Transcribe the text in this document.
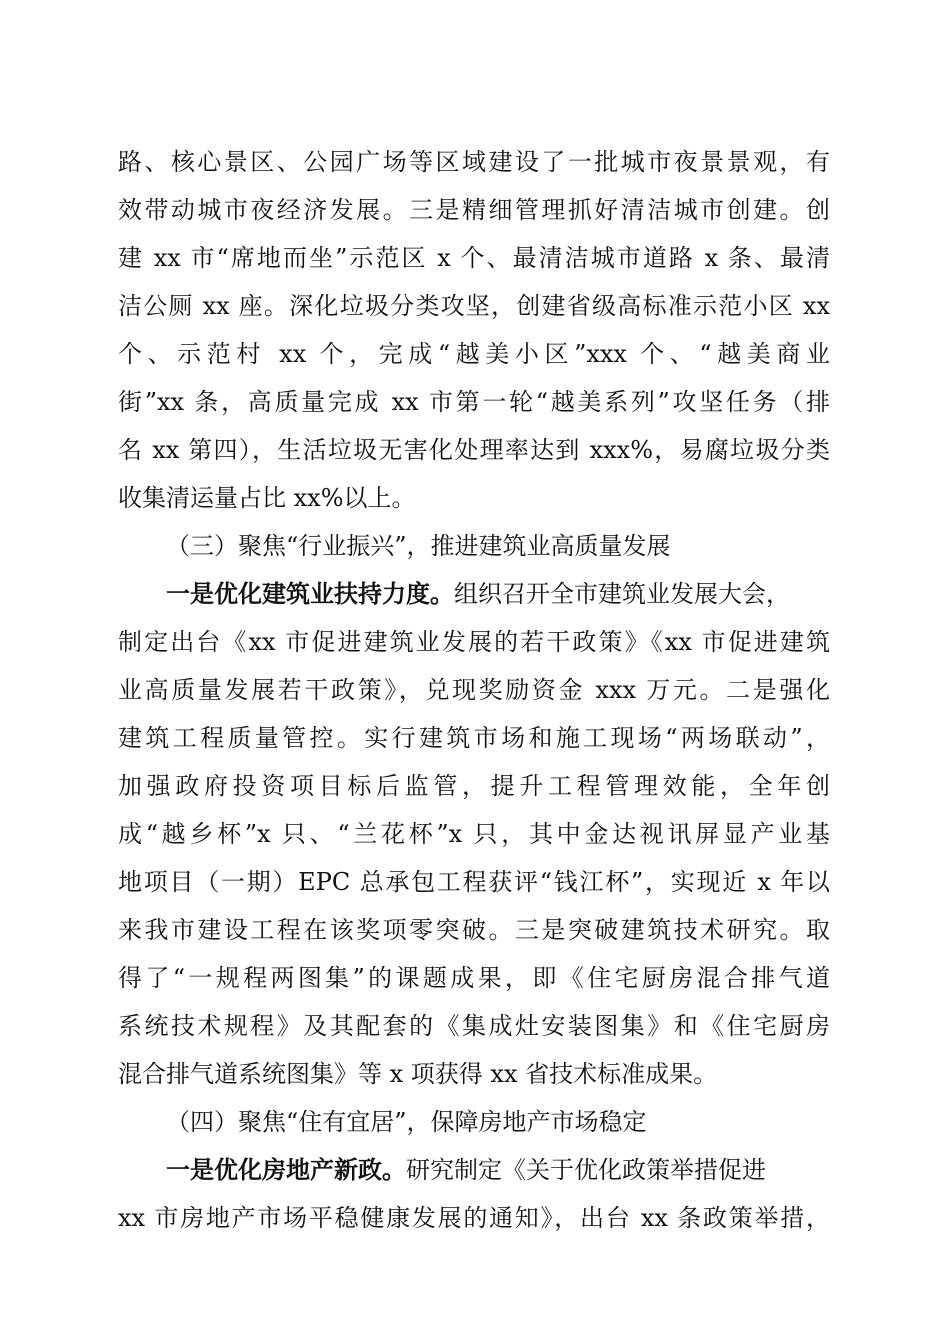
路、核心景区、公园广场等区域建设了一批城市夜景景观，有
效带动城市夜经济发展。三是精细管理抓好清洁城市创建。创
建 xx 市“席地而坐”示范区 x 个、最清洁城市道路 x 条、最清
洁公厕 xx 座。深化垃圾分类攻坚，创建省级高标准示范小区 xx
个、示范村 xx 个，完成“越美小区”xxx 个、“越美商业
街”xx 条，高质量完成 xx 市第一轮“越美系列”攻坚任务（排
名 xx 第四），生活垃圾无害化处理率达到 xxx%，易腐垃圾分类
收集清运量占比 xx%以上。
（三）聚焦“行业振兴”，推进建筑业高质量发展
一是优化建筑业扶持力度。组织召开全市建筑业发展大会，
制定出台《xx 市促进建筑业发展的若干政策》《xx 市促进建筑
业高质量发展若干政策》，兑现奖励资金 xxx 万元。二是强化
建筑工程质量管控。实行建筑市场和施工现场“两场联动”，
加强政府投资项目标后监管，提升工程管理效能，全年创
成“越乡杯”x 只、“兰花杯”x 只，其中金达视讯屏显产业基
地项目（一期）EPC 总承包工程获评“钱江杯”，实现近 x 年以
来我市建设工程在该奖项零突破。三是突破建筑技术研究。取
得了“一规程两图集”的课题成果，即《住宅厨房混合排气道
系统技术规程》及其配套的《集成灶安装图集》和《住宅厨房
混合排气道系统图集》等 x 项获得 xx 省技术标准成果。
（四）聚焦“住有宜居”，保障房地产市场稳定
一是优化房地产新政。研究制定《关于优化政策举措促进
xx 市房地产市场平稳健康发展的通知》，出台 xx 条政策举措，
